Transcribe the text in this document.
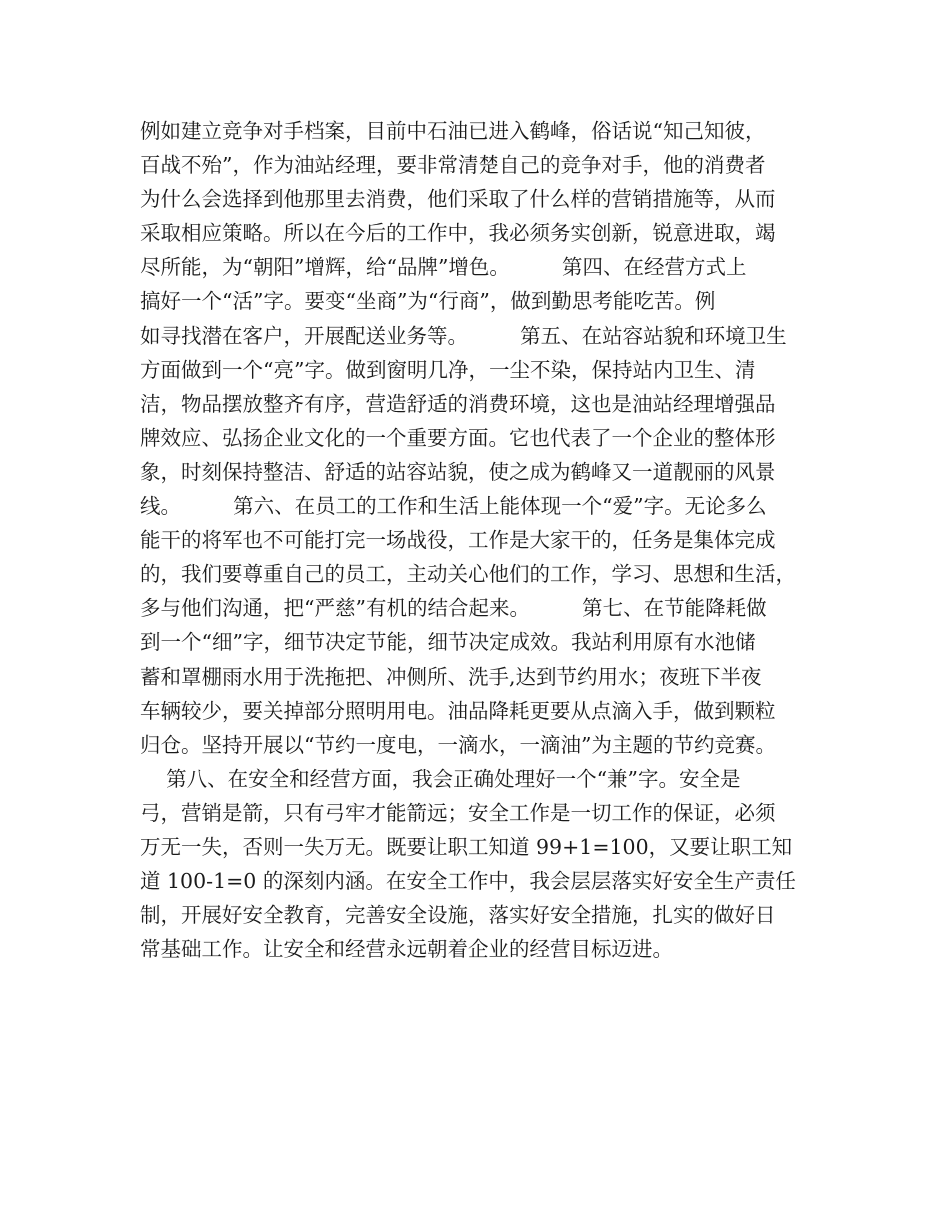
例如建立竞争对手档案，目前中石油已进入鹤峰，俗话说“知己知彼，
百战不殆”，作为油站经理，要非常清楚自己的竞争对手，他的消费者
为什么会选择到他那里去消费，他们采取了什么样的营销措施等，从而
采取相应策略。所以在今后的工作中，我必须务实创新，锐意进取，竭
尽所能，为“朝阳”增辉，给“品牌”增色。        第四、在经营方式上
搞好一个“活”字。要变“坐商”为“行商”，做到勤思考能吃苦。例
如寻找潜在客户，开展配送业务等。        第五、在站容站貌和环境卫生
方面做到一个“亮”字。做到窗明几净，一尘不染，保持站内卫生、清
洁，物品摆放整齐有序，营造舒适的消费环境，这也是油站经理增强品
牌效应、弘扬企业文化的一个重要方面。它也代表了一个企业的整体形
象，时刻保持整洁、舒适的站容站貌，使之成为鹤峰又一道靓丽的风景
线。        第六、在员工的工作和生活上能体现一个“爱”字。无论多么
能干的将军也不可能打完一场战役，工作是大家干的，任务是集体完成
的，我们要尊重自己的员工，主动关心他们的工作，学习、思想和生活，
多与他们沟通，把“严慈”有机的结合起来。        第七、在节能降耗做
到一个“细”字，细节决定节能，细节决定成效。我站利用原有水池储
蓄和罩棚雨水用于洗拖把、冲侧所、洗手,达到节约用水；夜班下半夜
车辆较少，要关掉部分照明用电。油品降耗更要从点滴入手，做到颗粒
归仓。坚持开展以“节约一度电，一滴水，一滴油”为主题的节约竞赛。
第八、在安全和经营方面，我会正确处理好一个“兼”字。安全是
弓，营销是箭，只有弓牢才能箭远；安全工作是一切工作的保证，必须
万无一失，否则一失万无。既要让职工知道 99+1=100，又要让职工知
道 100-1=0 的深刻内涵。在安全工作中，我会层层落实好安全生产责任
制，开展好安全教育，完善安全设施，落实好安全措施，扎实的做好日
常基础工作。让安全和经营永远朝着企业的经营目标迈进。
